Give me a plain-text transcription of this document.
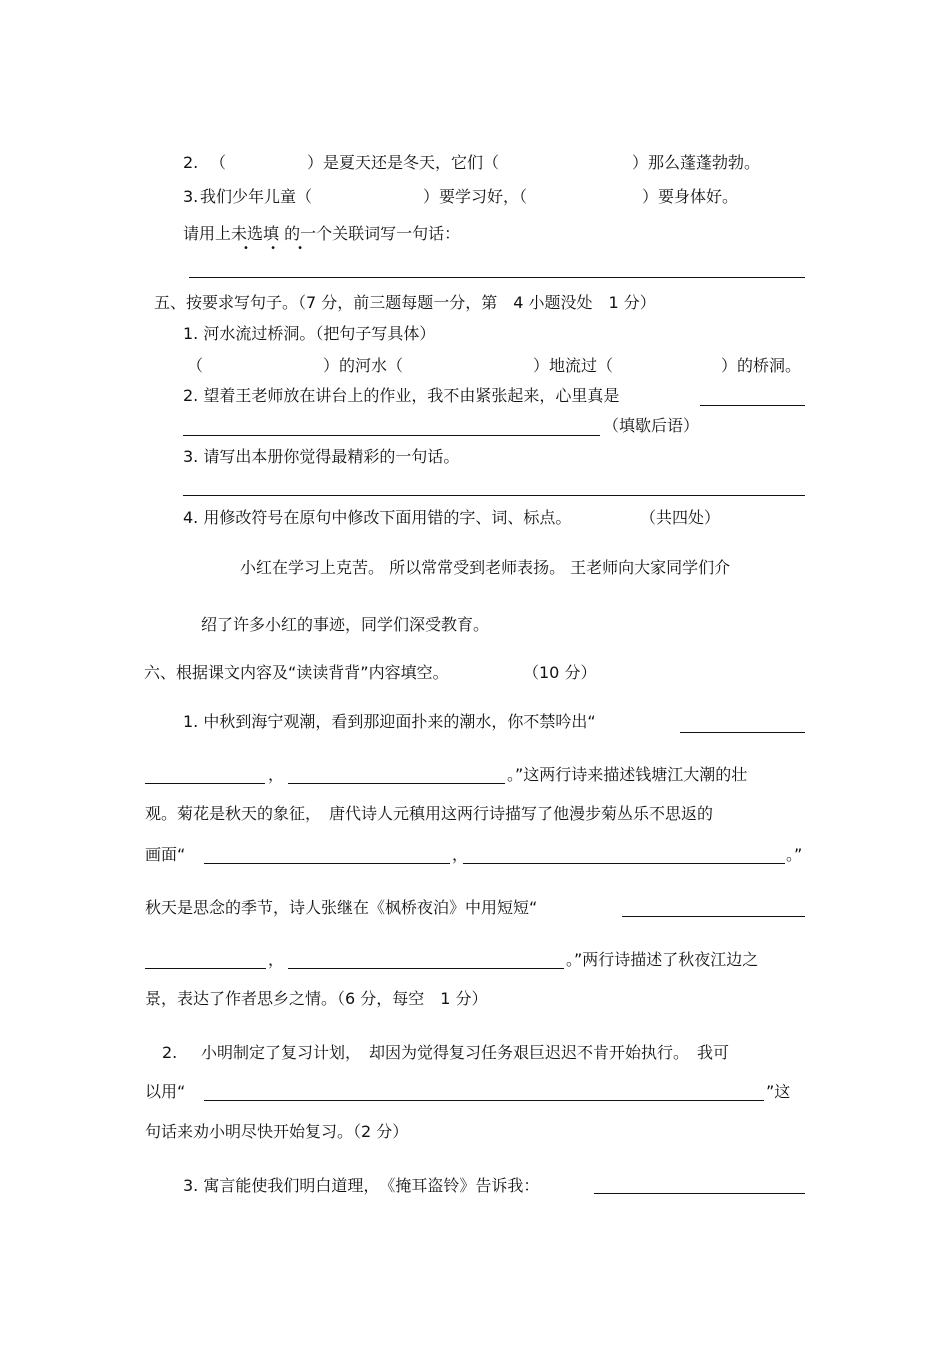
2. （	）是夏天还是冬天，它们（	）那么蓬蓬勃勃。
3. 我们少年儿童（	）要学习好，（	）要身体好。
请用上未选填 的一个关联词写一句话：
• • •
五、按要求写句子。（7 分，前三题每题一分，第　4 小题没处　1 分）
1. 河水流过桥洞。（把句子写具体）
（	）的河水（	）地流过（	）的桥洞。
2. 望着王老师放在讲台上的作业，我不由紧张起来，心里真是
（填歇后语）
3. 请写出本册你觉得最精彩的一句话。
4. 用修改符号在原句中修改下面用错的字、词、标点。	（共四处）
小红在学习上克苦。 所以常常受到老师表扬。 王老师向大家同学们介
绍了许多小红的事迹，同学们深受教育。
六、根据课文内容及“读读背背”内容填空。	（10 分）
1. 中秋到海宁观潮，看到那迎面扑来的潮水，你不禁吟出“
，	。”这两行诗来描述钱塘江大潮的壮
观。菊花是秋天的象征，　唐代诗人元稹用这两行诗描写了他漫步菊丛乐不思返的
画面“	，	。”
秋天是思念的季节，诗人张继在《枫桥夜泊》中用短短“
，	。”两行诗描述了秋夜江边之
景，表达了作者思乡之情。（6 分，每空　1 分）
2. 小明制定了复习计划，　却因为觉得复习任务艰巨迟迟不肯开始执行。　我可
以用“	”这
句话来劝小明尽快开始复习。（2 分）
3. 寓言能使我们明白道理，　《掩耳盗铃》告诉我：
